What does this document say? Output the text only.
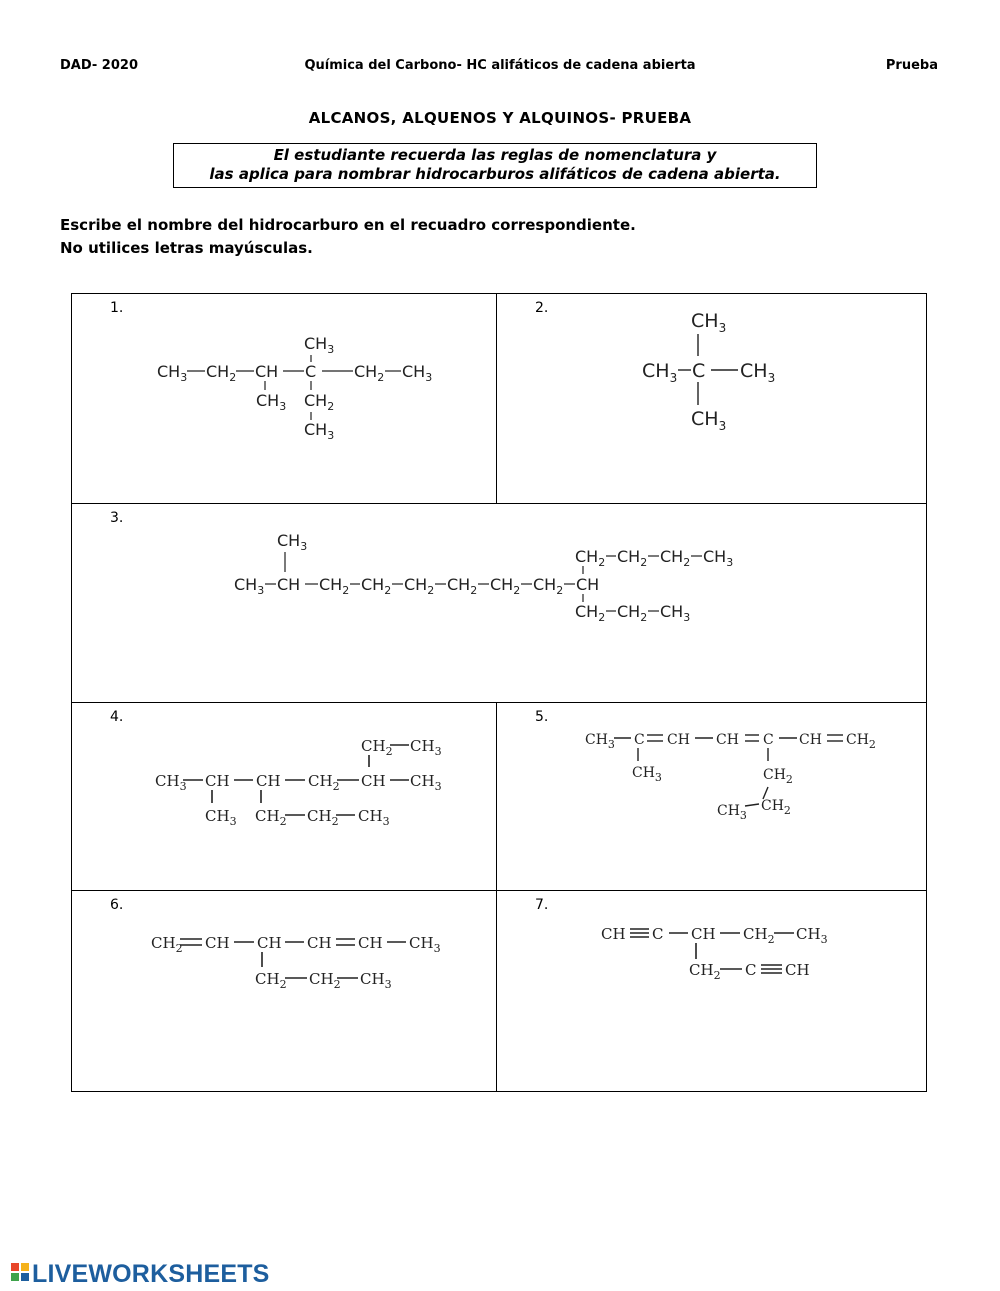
DAD- 2020	Química del Carbono- HC alifáticos de cadena abierta	Prueba
ALCANOS, ALQUENOS Y ALQUINOS- PRUEBA
El estudiante recuerda las reglas de nomenclatura y
las aplica para nombrar hidrocarburos alifáticos de cadena abierta.
Escribe el nombre del hidrocarburo en el recuadro correspondiente.
No utilices letras mayúsculas.
1.
$CH_3$ $CH_2$ CH C $CH_2$ $CH_3$
$CH_3$
$CH_3$ $CH_2$
$CH_3$
2.
$CH_3$
$CH_3$ C $CH_3$
$CH_3$
3.
$CH_3$
$CH_3$ CH $CH_2$ $CH_2$ $CH_2$ $CH_2$ $CH_2$ $CH_2$ CH
$CH_2$ $CH_2$ $CH_2$ $CH_3$
$CH_2$ $CH_2$ $CH_3$
4.
$CH_2$ $CH_3$
$CH_3$ CH CH $CH_2$ CH $CH_3$
$CH_3$ $CH_2$ $CH_2$ $CH_3$
5.
$CH_3$ C CH CH C CH $CH_2$
$CH_3$	$CH_2$
$CH_3$
$CH_2$
6.
$CH_2$ CH CH CH CH $CH_3$
$CH_2$ $CH_2$ $CH_3$
7.
CH C CH $CH_2$ $CH_3$
$CH_2$ C CH
LIVEWORKSHEETS
